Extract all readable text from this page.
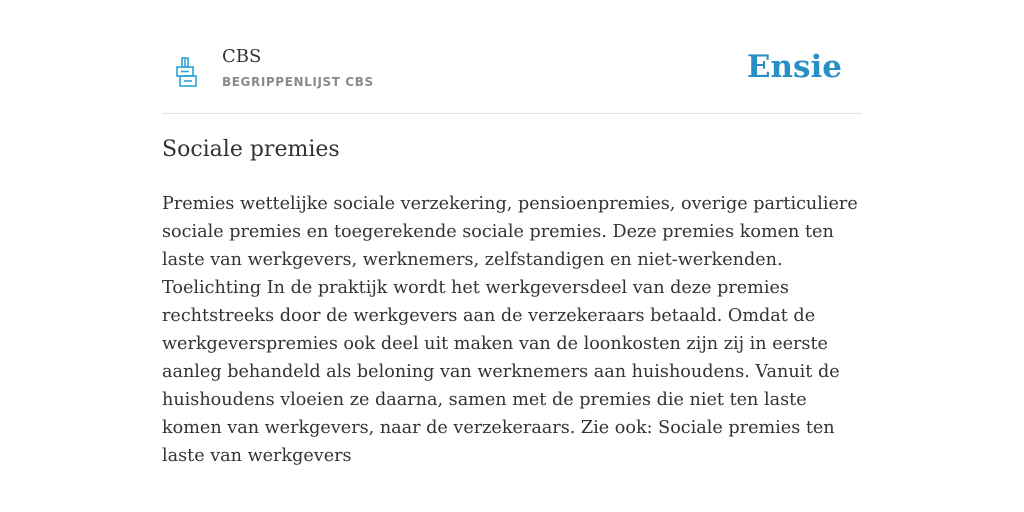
CBS
BEGRIPPENLIJST CBS	Ensie
Sociale premies

Premies wettelijke sociale verzekering, pensioenpremies, overige particuliere sociale premies en toegerekende sociale premies. Deze premies komen ten laste van werkgevers, werknemers, zelfstandigen en niet-werkenden. Toelichting In de praktijk wordt het werkgeversdeel van deze premies rechtstreeks door de werkgevers aan de verzekeraars betaald. Omdat de werkgeverspremies ook deel uit maken van de loonkosten zijn zij in eerste aanleg behandeld als beloning van werknemers aan huishoudens. Vanuit de huishoudens vloeien ze daarna, samen met de premies die niet ten laste komen van werkgevers, naar de verzekeraars. Zie ook: Sociale premies ten laste van werkgevers
